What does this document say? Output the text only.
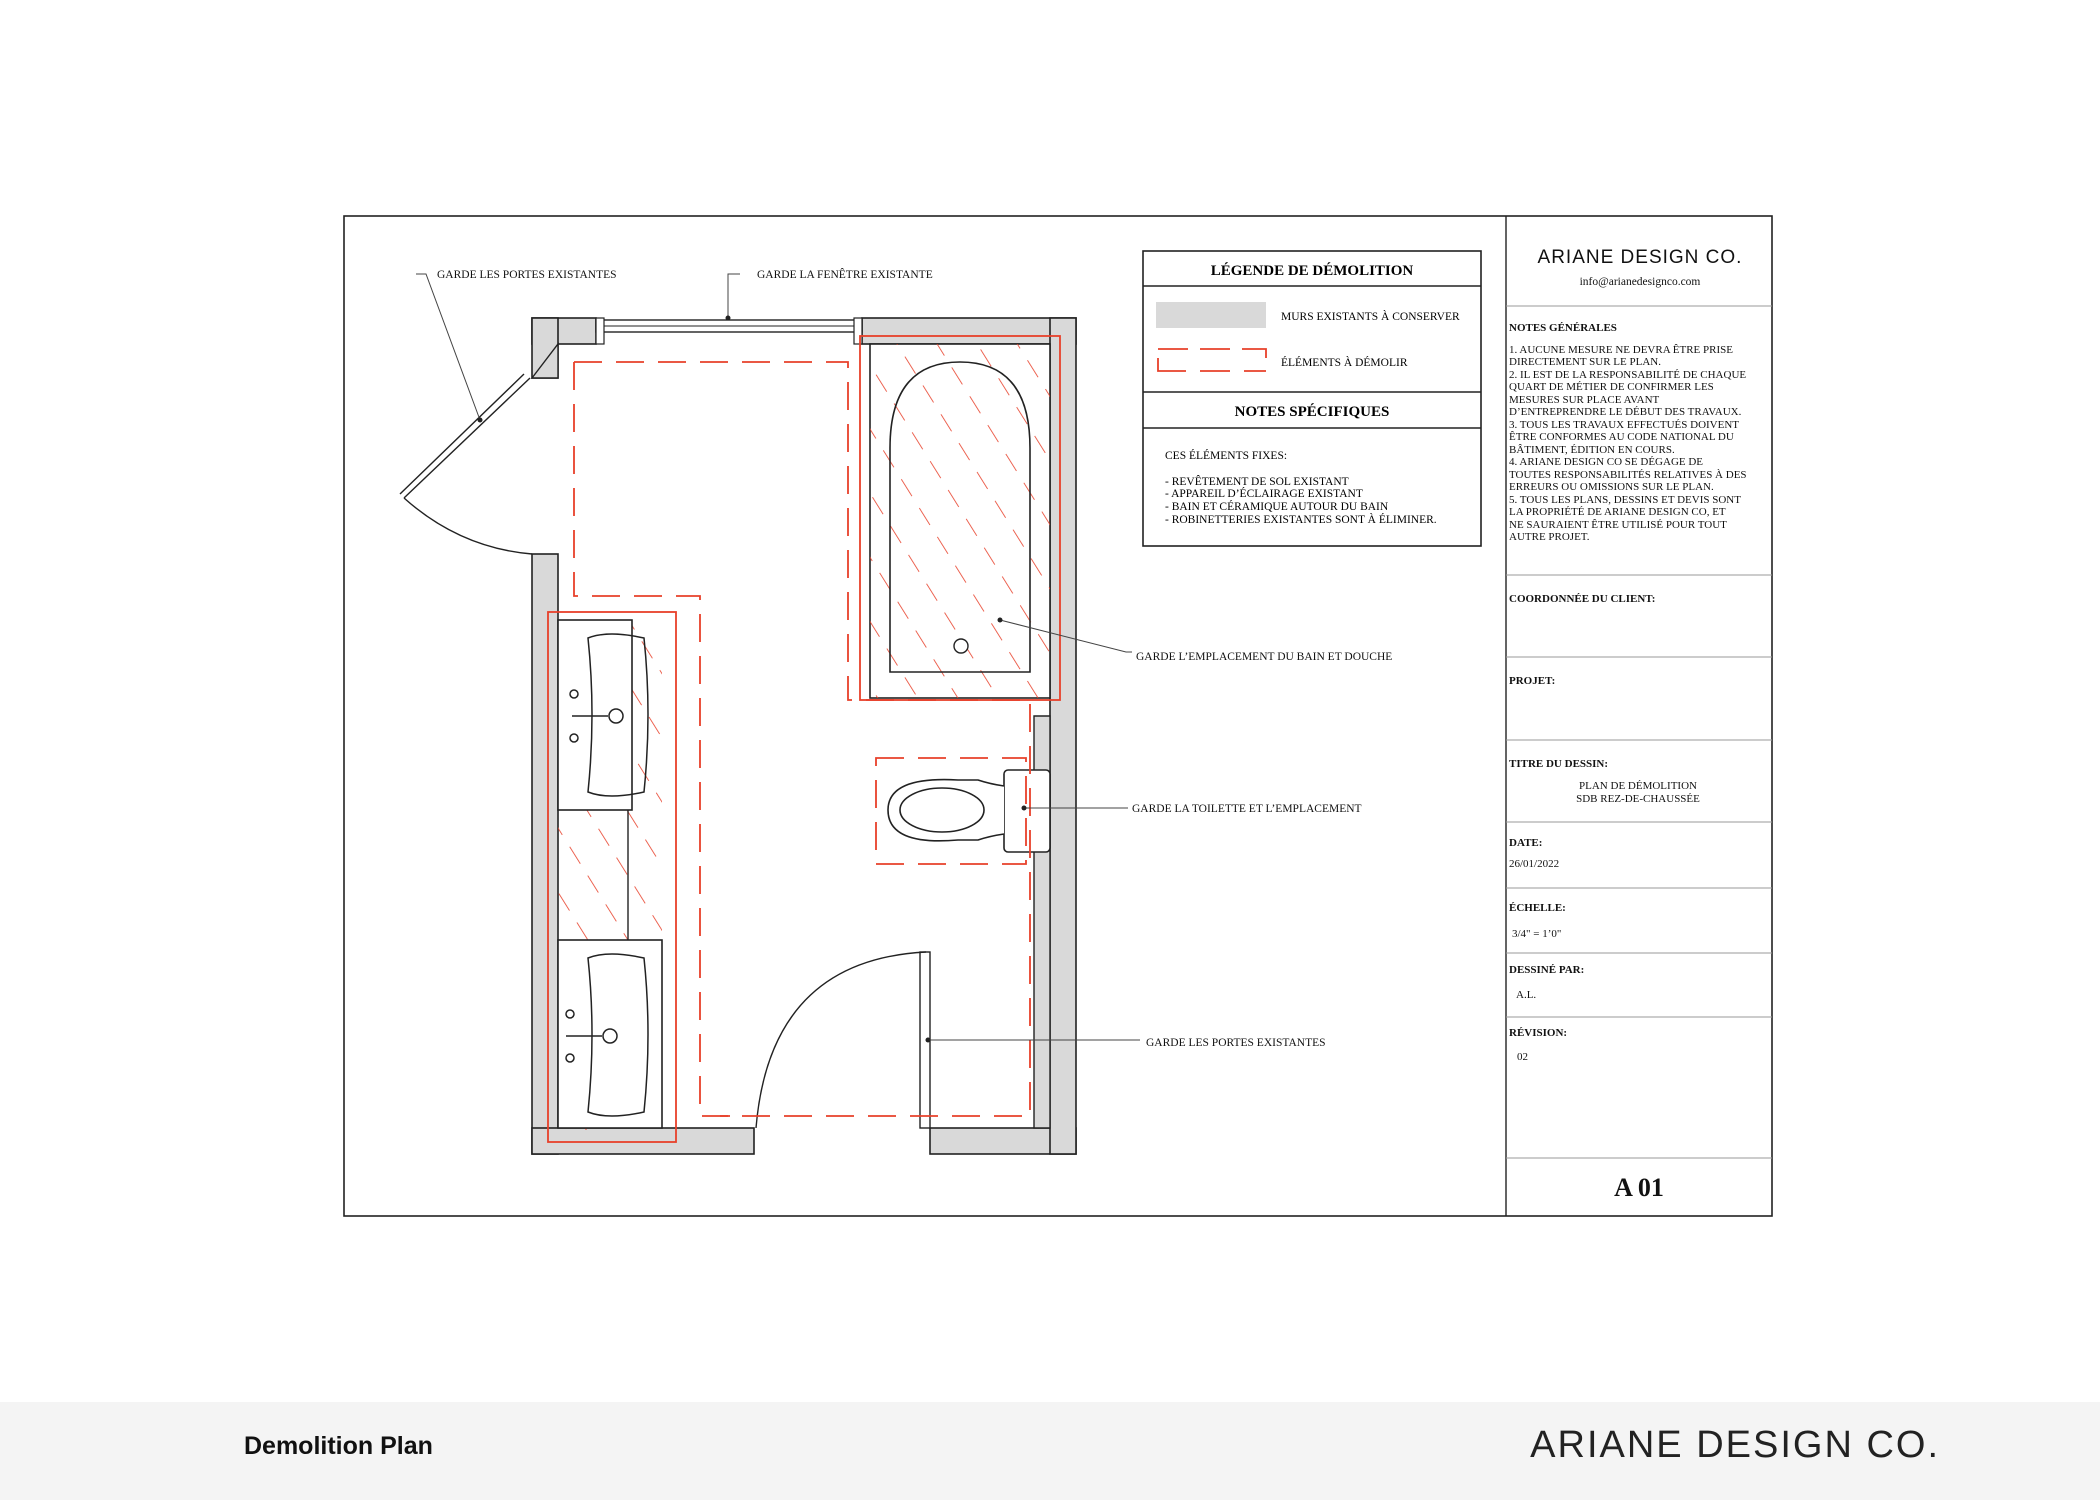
GARDE LES PORTES EXISTANTES	GARDE LA FENÊTRE EXISTANTE
GARDE L’EMPLACEMENT DU BAIN ET DOUCHE
GARDE LA TOILETTE ET L’EMPLACEMENT
GARDE LES PORTES EXISTANTES
LÉGENDE DE DÉMOLITION
MURS EXISTANTS À CONSERVER
ÉLÉMENTS À DÉMOLIR
NOTES SPÉCIFIQUES
CES ÉLÉMENTS FIXES:
- REVÊTEMENT DE SOL EXISTANT
- APPAREIL D’ÉCLAIRAGE EXISTANT
- BAIN ET CÉRAMIQUE AUTOUR DU BAIN
- ROBINETTERIES EXISTANTES SONT À ÉLIMINER.
ARIANE DESIGN CO.
info@arianedesignco.com
NOTES GÉNÉRALES
1. AUCUNE MESURE NE DEVRA ÊTRE PRISE
DIRECTEMENT SUR LE PLAN.
2. IL EST DE LA RESPONSABILITÉ DE CHAQUE
QUART DE MÉTIER DE CONFIRMER LES
MESURES SUR PLACE AVANT
D’ENTREPRENDRE LE DÉBUT DES TRAVAUX.
3. TOUS LES TRAVAUX EFFECTUÉS DOIVENT
ÊTRE CONFORMES AU CODE NATIONAL DU
BÂTIMENT, ÉDITION EN COURS.
4. ARIANE DESIGN CO SE DÉGAGE DE
TOUTES RESPONSABILITÉS RELATIVES À DES
ERREURS OU OMISSIONS SUR LE PLAN.
5. TOUS LES PLANS, DESSINS ET DEVIS SONT
LA PROPRIÉTÉ DE ARIANE DESIGN CO, ET
NE SAURAIENT ÊTRE UTILISÉ POUR TOUT
AUTRE PROJET.
COORDONNÉE DU CLIENT:
PROJET:
TITRE DU DESSIN:
PLAN DE DÉMOLITION
SDB REZ-DE-CHAUSSÉE
DATE:
26/01/2022
ÉCHELLE:
3/4" = 1’0"
DESSINÉ PAR:
A.L.
RÉVISION:
02
A 01
Demolition Plan	ARIANE DESIGN CO.
